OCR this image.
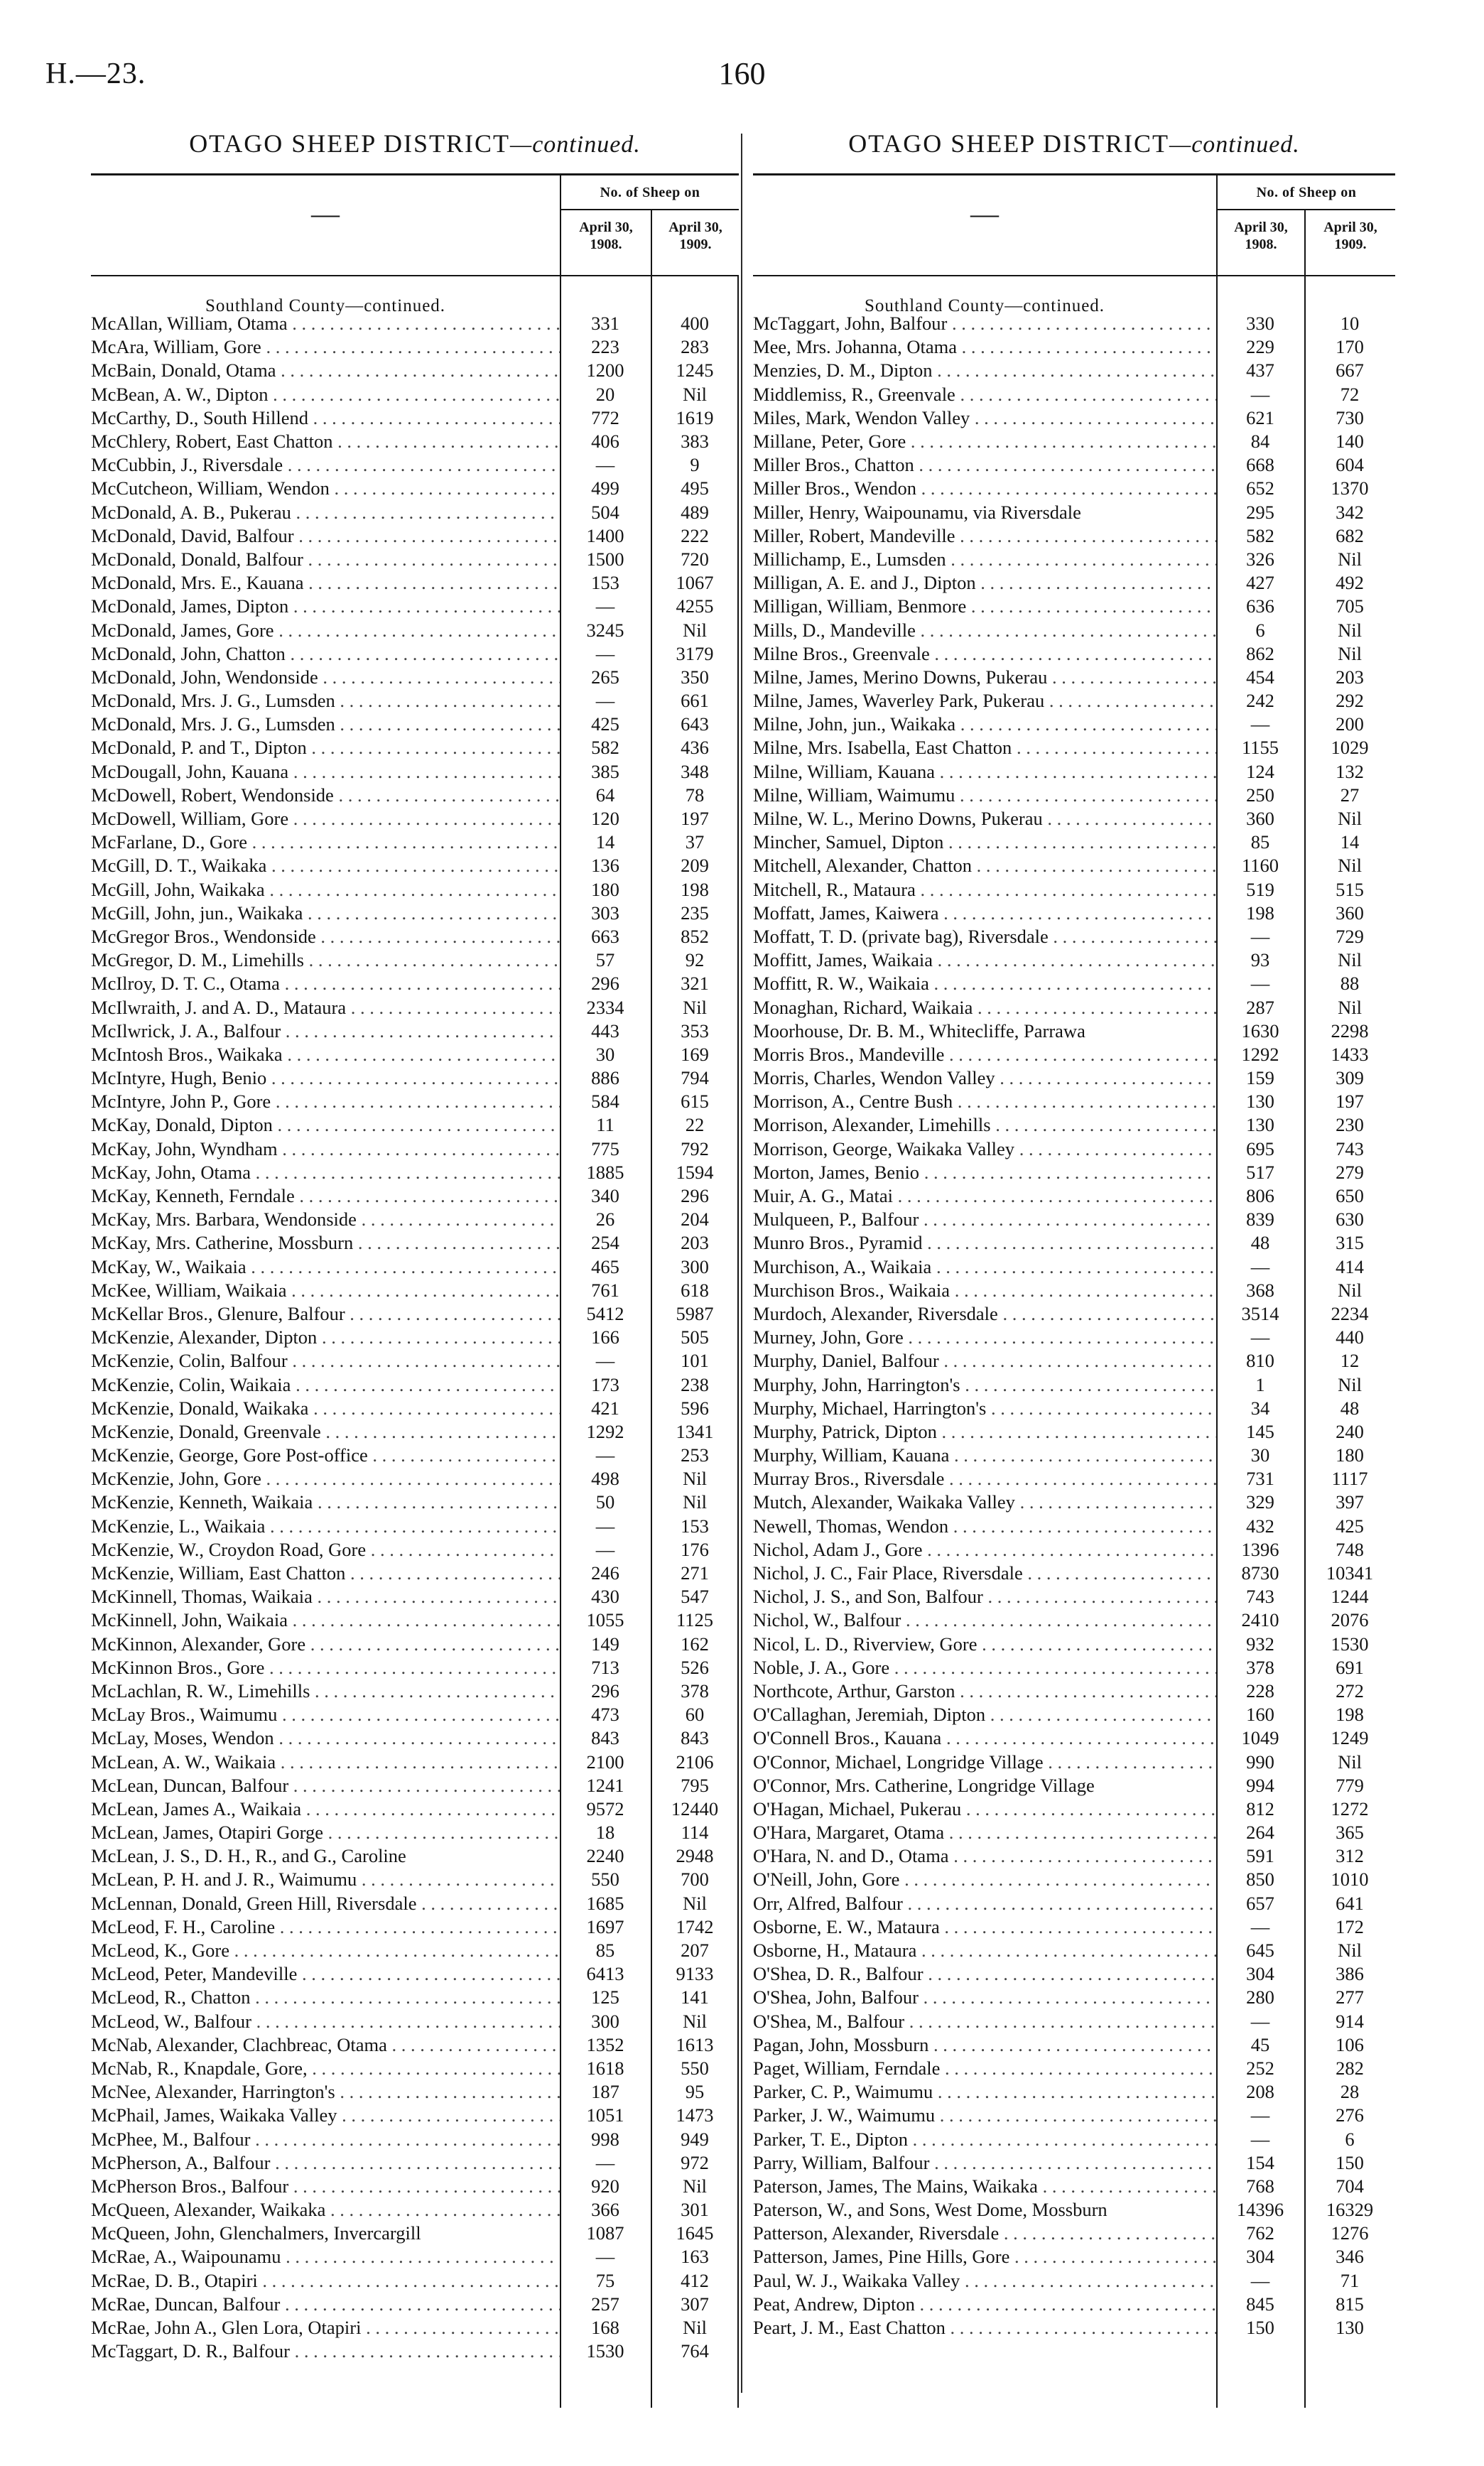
H.—23.	160
OTAGO SHEEP DISTRICT—continued.
—
No. of Sheep on
April 30,
1908.
April 30,
1909.
Southland County—continued.
McAllan, William, Otama . . .	331	400
McAra, William, Gore . . .	223	283
McBain, Donald, Otama . . .	1200	1245
McBean, A. W., Dipton . . .	20	Nil
McCarthy, D., South Hillend . . .	772	1619
McChlery, Robert, East Chatton . . .	406	383
McCubbin, J., Riversdale . . .	—	9
McCutcheon, William, Wendon . . .	499	495
McDonald, A. B., Pukerau . . .	504	489
McDonald, David, Balfour . . .	1400	222
McDonald, Donald, Balfour . . .	1500	720
McDonald, Mrs. E., Kauana . . .	153	1067
McDonald, James, Dipton . . .	—	4255
McDonald, James, Gore . . .	3245	Nil
McDonald, John, Chatton . . .	—	3179
McDonald, John, Wendonside . . .	265	350
McDonald, Mrs. J. G., Lumsden . . .	—	661
McDonald, Mrs. J. G., Lumsden . . .	425	643
McDonald, P. and T., Dipton . . .	582	436
McDougall, John, Kauana . . .	385	348
McDowell, Robert, Wendonside . . .	64	78
McDowell, William, Gore . . .	120	197
McFarlane, D., Gore . . .	14	37
McGill, D. T., Waikaka . . .	136	209
McGill, John, Waikaka . . .	180	198
McGill, John, jun., Waikaka . . .	303	235
McGregor Bros., Wendonside . . .	663	852
McGregor, D. M., Limehills . . .	57	92
McIlroy, D. T. C., Otama . . .	296	321
McIlwraith, J. and A. D., Mataura . . .	2334	Nil
McIlwrick, J. A., Balfour . . .	443	353
McIntosh Bros., Waikaka . . .	30	169
McIntyre, Hugh, Benio . . .	886	794
McIntyre, John P., Gore . . .	584	615
McKay, Donald, Dipton . . .	11	22
McKay, John, Wyndham . . .	775	792
McKay, John, Otama . . .	1885	1594
McKay, Kenneth, Ferndale . . .	340	296
McKay, Mrs. Barbara, Wendonside . . .	26	204
McKay, Mrs. Catherine, Mossburn . . .	254	203
McKay, W., Waikaia . . .	465	300
McKee, William, Waikaia . . .	761	618
McKellar Bros., Glenure, Balfour . . .	5412	5987
McKenzie, Alexander, Dipton . . .	166	505
McKenzie, Colin, Balfour . . .	—	101
McKenzie, Colin, Waikaia . . .	173	238
McKenzie, Donald, Waikaka . . .	421	596
McKenzie, Donald, Greenvale . . .	1292	1341
McKenzie, George, Gore Post-office . . .	—	253
McKenzie, John, Gore . . .	498	Nil
McKenzie, Kenneth, Waikaia . . .	50	Nil
McKenzie, L., Waikaia . . .	—	153
McKenzie, W., Croydon Road, Gore . . .	—	176
McKenzie, William, East Chatton . . .	246	271
McKinnell, Thomas, Waikaia . . .	430	547
McKinnell, John, Waikaia . . .	1055	1125
McKinnon, Alexander, Gore . . .	149	162
McKinnon Bros., Gore . . .	713	526
McLachlan, R. W., Limehills . . .	296	378
McLay Bros., Waimumu . . .	473	60
McLay, Moses, Wendon . . .	843	843
McLean, A. W., Waikaia . . .	2100	2106
McLean, Duncan, Balfour . . .	1241	795
McLean, James A., Waikaia . . .	9572	12440
McLean, James, Otapiri Gorge . . .	18	114
McLean, J. S., D. H., R., and G., Caroline	2240	2948
McLean, P. H. and J. R., Waimumu . . .	550	700
McLennan, Donald, Green Hill, Riversdale . . .	1685	Nil
McLeod, F. H., Caroline . . .	1697	1742
McLeod, K., Gore . . .	85	207
McLeod, Peter, Mandeville . . .	6413	9133
McLeod, R., Chatton . . .	125	141
McLeod, W., Balfour . . .	300	Nil
McNab, Alexander, Clachbreac, Otama . . .	1352	1613
McNab, R., Knapdale, Gore, . . .	1618	550
McNee, Alexander, Harrington's . . .	187	95
McPhail, James, Waikaka Valley . . .	1051	1473
McPhee, M., Balfour . . .	998	949
McPherson, A., Balfour . . .	—	972
McPherson Bros., Balfour . . .	920	Nil
McQueen, Alexander, Waikaka . . .	366	301
McQueen, John, Glenchalmers, Invercargill	1087	1645
McRae, A., Waipounamu . . .	—	163
McRae, D. B., Otapiri . . .	75	412
McRae, Duncan, Balfour . . .	257	307
McRae, John A., Glen Lora, Otapiri . . .	168	Nil
McTaggart, D. R., Balfour . . .	1530	764
OTAGO SHEEP DISTRICT—continued.
—
No. of Sheep on
April 30,
1908.
April 30,
1909.
Southland County—continued.
McTaggart, John, Balfour . . .	330	10
Mee, Mrs. Johanna, Otama . . .	229	170
Menzies, D. M., Dipton . . .	437	667
Middlemiss, R., Greenvale . . .	—	72
Miles, Mark, Wendon Valley . . .	621	730
Millane, Peter, Gore . . .	84	140
Miller Bros., Chatton . . .	668	604
Miller Bros., Wendon . . .	652	1370
Miller, Henry, Waipounamu, via Riversdale	295	342
Miller, Robert, Mandeville . . .	582	682
Millichamp, E., Lumsden . . .	326	Nil
Milligan, A. E. and J., Dipton . . .	427	492
Milligan, William, Benmore . . .	636	705
Mills, D., Mandeville . . .	6	Nil
Milne Bros., Greenvale . . .	862	Nil
Milne, James, Merino Downs, Pukerau . . .	454	203
Milne, James, Waverley Park, Pukerau . . .	242	292
Milne, John, jun., Waikaka . . .	—	200
Milne, Mrs. Isabella, East Chatton . . .	1155	1029
Milne, William, Kauana . . .	124	132
Milne, William, Waimumu . . .	250	27
Milne, W. L., Merino Downs, Pukerau . . .	360	Nil
Mincher, Samuel, Dipton . . .	85	14
Mitchell, Alexander, Chatton . . .	1160	Nil
Mitchell, R., Mataura . . .	519	515
Moffatt, James, Kaiwera . . .	198	360
Moffatt, T. D. (private bag), Riversdale . . .	—	729
Moffitt, James, Waikaia . . .	93	Nil
Moffitt, R. W., Waikaia . . .	—	88
Monaghan, Richard, Waikaia . . .	287	Nil
Moorhouse, Dr. B. M., Whitecliffe, Parrawa	1630	2298
Morris Bros., Mandeville . . .	1292	1433
Morris, Charles, Wendon Valley . . .	159	309
Morrison, A., Centre Bush . . .	130	197
Morrison, Alexander, Limehills . . .	130	230
Morrison, George, Waikaka Valley . . .	695	743
Morton, James, Benio . . .	517	279
Muir, A. G., Matai . . .	806	650
Mulqueen, P., Balfour . . .	839	630
Munro Bros., Pyramid . . .	48	315
Murchison, A., Waikaia . . .	—	414
Murchison Bros., Waikaia . . .	368	Nil
Murdoch, Alexander, Riversdale . . .	3514	2234
Murney, John, Gore . . .	—	440
Murphy, Daniel, Balfour . . .	810	12
Murphy, John, Harrington's . . .	1	Nil
Murphy, Michael, Harrington's . . .	34	48
Murphy, Patrick, Dipton . . .	145	240
Murphy, William, Kauana . . .	30	180
Murray Bros., Riversdale . . .	731	1117
Mutch, Alexander, Waikaka Valley . . .	329	397
Newell, Thomas, Wendon . . .	432	425
Nichol, Adam J., Gore . . .	1396	748
Nichol, J. C., Fair Place, Riversdale . . .	8730	10341
Nichol, J. S., and Son, Balfour . . .	743	1244
Nichol, W., Balfour . . .	2410	2076
Nicol, L. D., Riverview, Gore . . .	932	1530
Noble, J. A., Gore . . .	378	691
Northcote, Arthur, Garston . . .	228	272
O'Callaghan, Jeremiah, Dipton . . .	160	198
O'Connell Bros., Kauana . . .	1049	1249
O'Connor, Michael, Longridge Village . . .	990	Nil
O'Connor, Mrs. Catherine, Longridge Village	994	779
O'Hagan, Michael, Pukerau . . .	812	1272
O'Hara, Margaret, Otama . . .	264	365
O'Hara, N. and D., Otama . . .	591	312
O'Neill, John, Gore . . .	850	1010
Orr, Alfred, Balfour . . .	657	641
Osborne, E. W., Mataura . . .	—	172
Osborne, H., Mataura . . .	645	Nil
O'Shea, D. R., Balfour . . .	304	386
O'Shea, John, Balfour . . .	280	277
O'Shea, M., Balfour . . .	—	914
Pagan, John, Mossburn . . .	45	106
Paget, William, Ferndale . . .	252	282
Parker, C. P., Waimumu . . .	208	28
Parker, J. W., Waimumu . . .	—	276
Parker, T. E., Dipton . . .	—	6
Parry, William, Balfour . . .	154	150
Paterson, James, The Mains, Waikaka . . .	768	704
Paterson, W., and Sons, West Dome, Mossburn	14396	16329
Patterson, Alexander, Riversdale . . .	762	1276
Patterson, James, Pine Hills, Gore . . .	304	346
Paul, W. J., Waikaka Valley . . .	—	71
Peat, Andrew, Dipton . . .	845	815
Peart, J. M., East Chatton . . .	150	130
